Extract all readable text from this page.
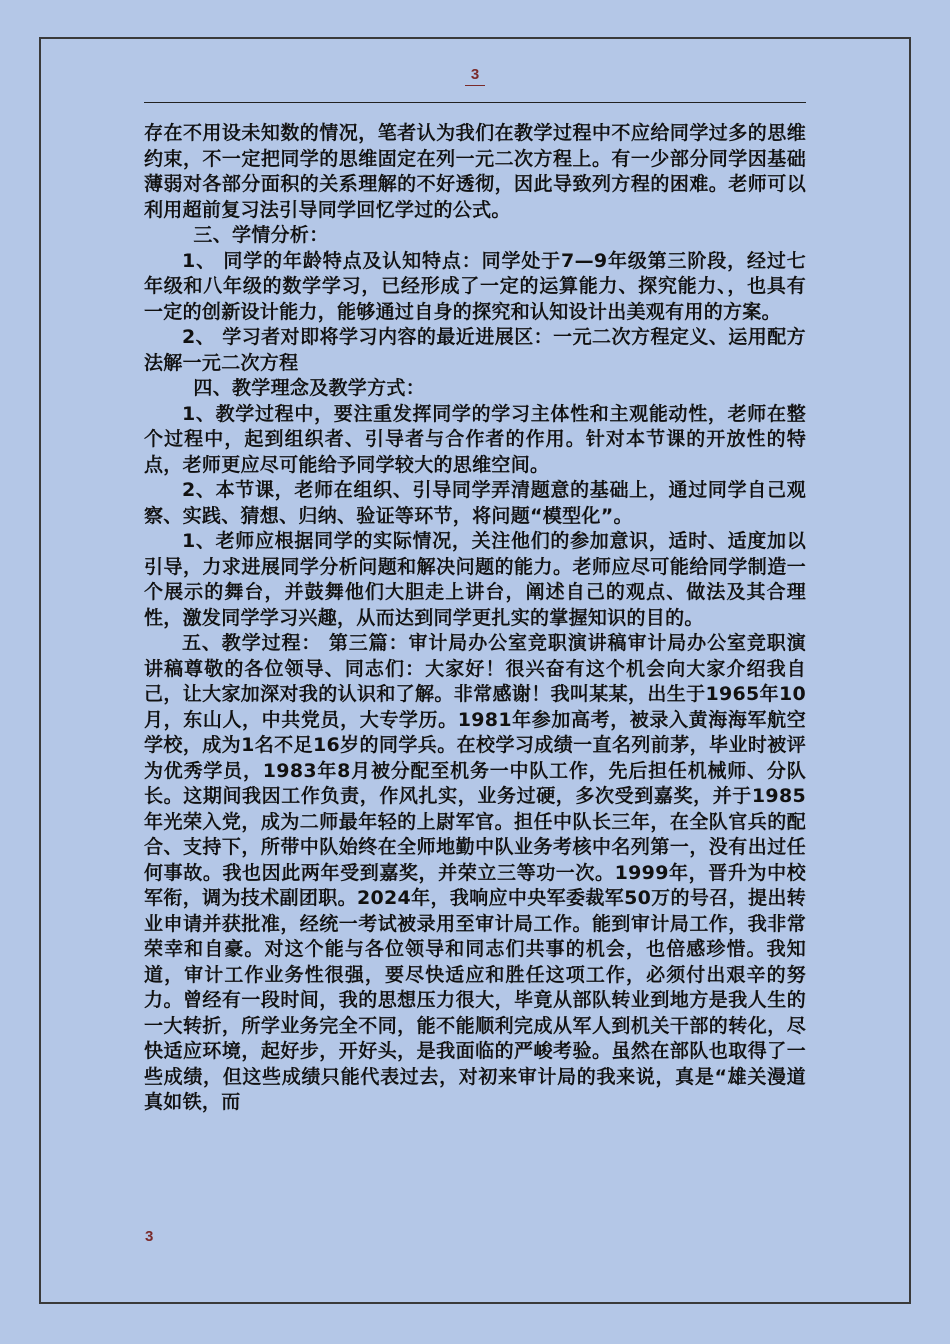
3

存在不用设未知数的情况，笔者认为我们在教学过程中不应给同学过多的思维约束，不一定把同学的思维固定在列一元二次方程上。有一少部分同学因基础薄弱对各部分面积的关系理解的不好透彻，因此导致列方程的困难。老师可以利用超前复习法引导同学回忆学过的公式。

三、学情分析：

1、 同学的年龄特点及认知特点：同学处于7—9年级第三阶段，经过七年级和八年级的数学学习，已经形成了一定的运算能力、探究能力、，也具有一定的创新设计能力，能够通过自身的探究和认知设计出美观有用的方案。

2、 学习者对即将学习内容的最近进展区：一元二次方程定义、运用配方法解一元二次方程

四、教学理念及教学方式：

1、教学过程中，要注重发挥同学的学习主体性和主观能动性，老师在整个过程中，起到组织者、引导者与合作者的作用。针对本节课的开放性的特点，老师更应尽可能给予同学较大的思维空间。

2、本节课，老师在组织、引导同学弄清题意的基础上，通过同学自己观察、实践、猜想、归纳、验证等环节，将问题“模型化”。

1、老师应根据同学的实际情况，关注他们的参加意识，适时、适度加以引导，力求进展同学分析问题和解决问题的能力。老师应尽可能给同学制造一个展示的舞台，并鼓舞他们大胆走上讲台，阐述自己的观点、做法及其合理性，激发同学学习兴趣，从而达到同学更扎实的掌握知识的目的。

五、教学过程： 第三篇：审计局办公室竞职演讲稿审计局办公室竞职演讲稿尊敬的各位领导、同志们：大家好！很兴奋有这个机会向大家介绍我自己，让大家加深对我的认识和了解。非常感谢！我叫某某，出生于1965年10月，东山人，中共党员，大专学历。1981年参加高考，被录入黄海海军航空学校，成为1名不足16岁的同学兵。在校学习成绩一直名列前茅，毕业时被评为优秀学员，1983年8月被分配至机务一中队工作，先后担任机械师、分队长。这期间我因工作负责，作风扎实，业务过硬，多次受到嘉奖，并于1985年光荣入党，成为二师最年轻的上尉军官。担任中队长三年，在全队官兵的配合、支持下，所带中队始终在全师地勤中队业务考核中名列第一，没有出过任何事故。我也因此两年受到嘉奖，并荣立三等功一次。1999年，晋升为中校军衔，调为技术副团职。2024年，我响应中央军委裁军50万的号召，提出转业申请并获批准，经统一考试被录用至审计局工作。能到审计局工作，我非常荣幸和自豪。对这个能与各位领导和同志们共事的机会，也倍感珍惜。我知道，审计工作业务性很强，要尽快适应和胜任这项工作，必须付出艰辛的努力。曾经有一段时间，我的思想压力很大，毕竟从部队转业到地方是我人生的一大转折，所学业务完全不同，能不能顺利完成从军人到机关干部的转化，尽快适应环境，起好步，开好头，是我面临的严峻考验。虽然在部队也取得了一些成绩，但这些成绩只能代表过去，对初来审计局的我来说，真是“雄关漫道真如铁，而

3
